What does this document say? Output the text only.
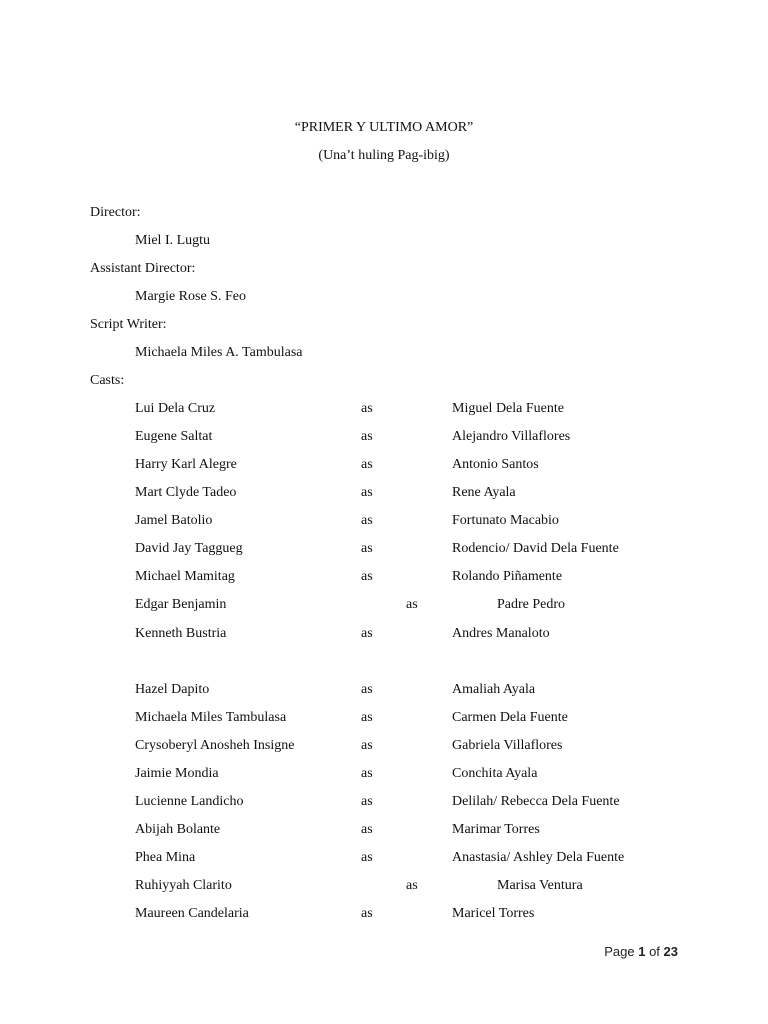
“PRIMER Y ULTIMO AMOR”
(Una’t huling Pag-ibig)
Director:
Miel I. Lugtu
Assistant Director:
Margie Rose S. Feo
Script Writer:
Michaela Miles A. Tambulasa
Casts:
Lui Dela Cruz	as	Miguel Dela Fuente
Eugene Saltat	as	Alejandro Villaflores
Harry Karl Alegre	as	Antonio Santos
Mart Clyde Tadeo	as	Rene Ayala
Jamel Batolio	as	Fortunato Macabio
David Jay Taggueg	as	Rodencio/ David Dela Fuente
Michael Mamitag	as	Rolando Piñamente
Edgar Benjamin	as	Padre Pedro
Kenneth Bustria	as	Andres Manaloto
Hazel Dapito	as	Amaliah Ayala
Michaela Miles Tambulasa	as	Carmen Dela Fuente
Crysoberyl Anosheh Insigne	as	Gabriela Villaflores
Jaimie Mondia	as	Conchita Ayala
Lucienne Landicho	as	Delilah/ Rebecca Dela Fuente
Abijah Bolante	as	Marimar Torres
Phea Mina	as	Anastasia/ Ashley Dela Fuente
Ruhiyyah Clarito	as	Marisa Ventura
Maureen Candelaria	as	Maricel Torres
Page 1 of 23
